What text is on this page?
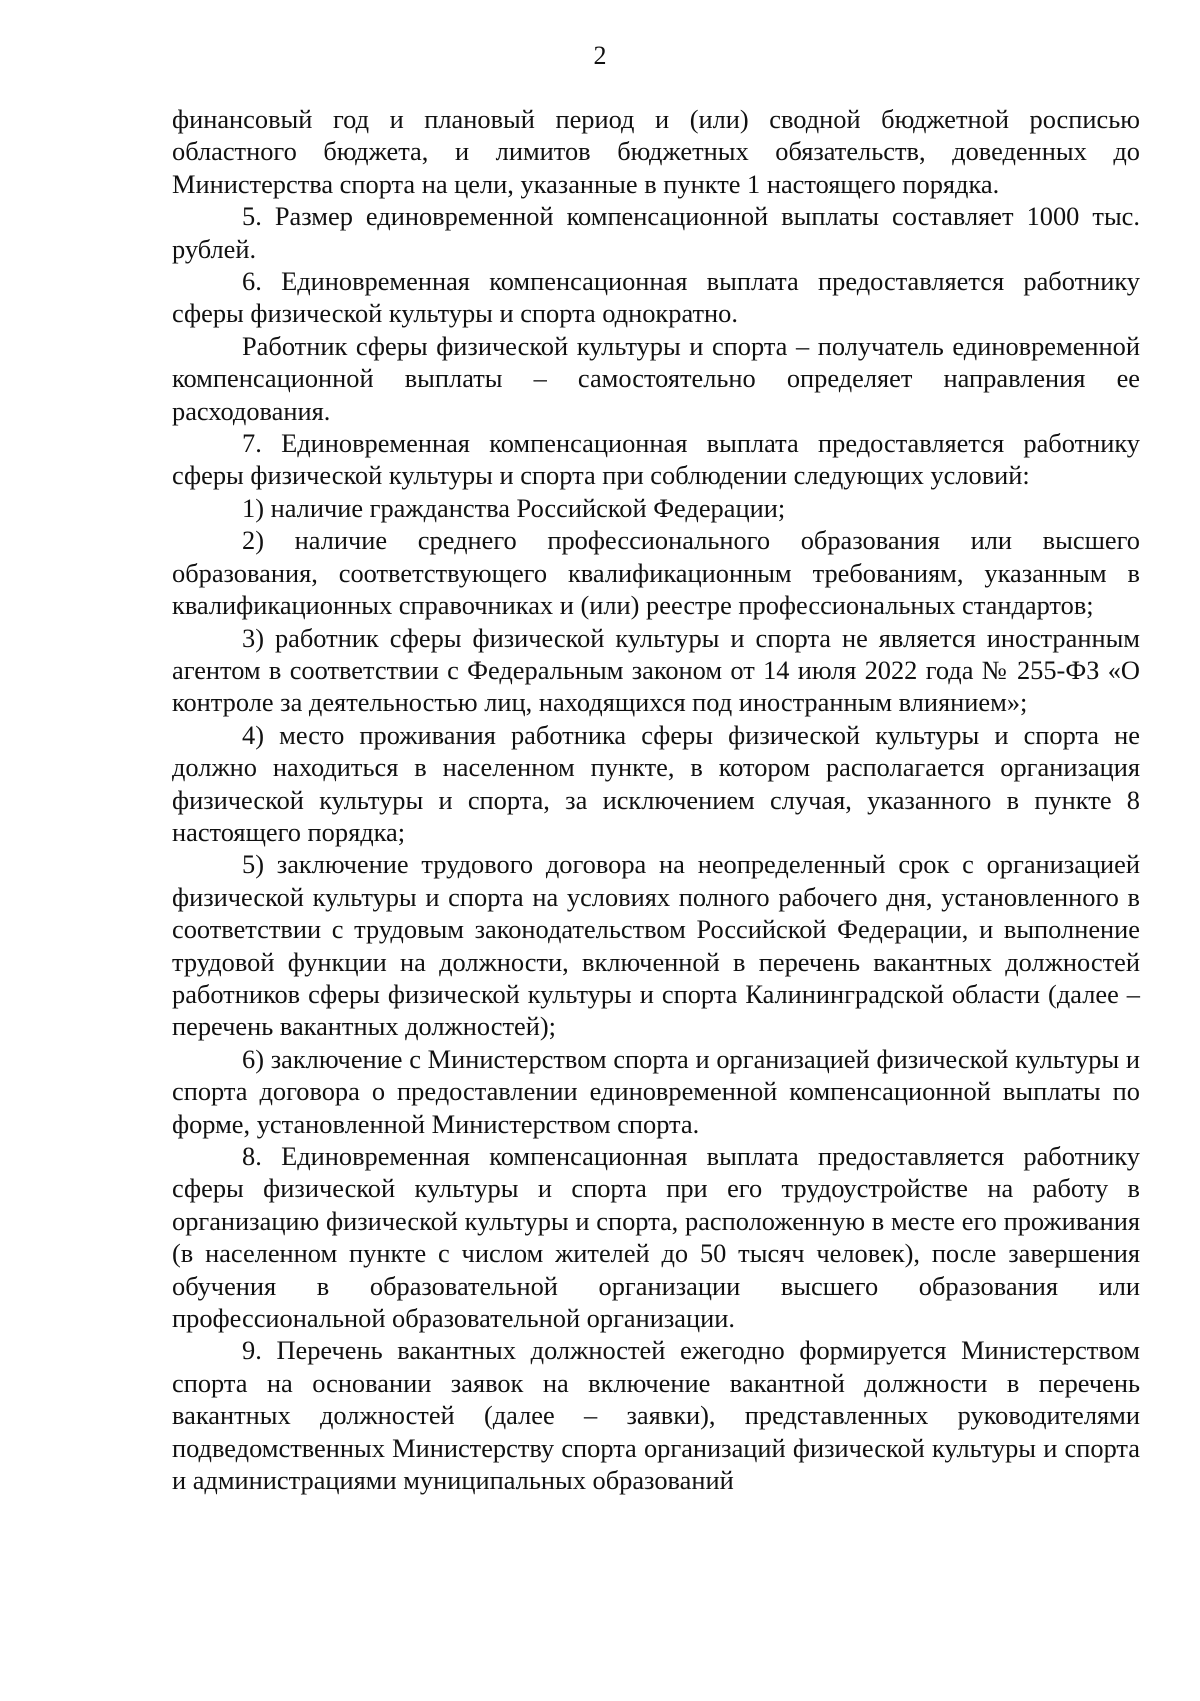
2

финансовый год и плановый период и (или) сводной бюджетной росписью областного бюджета, и лимитов бюджетных обязательств, доведенных до Министерства спорта на цели, указанные в пункте 1 настоящего порядка.

5. Размер единовременной компенсационной выплаты составляет 1000 тыс. рублей.

6. Единовременная компенсационная выплата предоставляется работнику сферы физической культуры и спорта однократно.

Работник сферы физической культуры и спорта – получатель единовременной компенсационной выплаты – самостоятельно определяет направления ее расходования.

7. Единовременная компенсационная выплата предоставляется работнику сферы физической культуры и спорта при соблюдении следующих условий:

1) наличие гражданства Российской Федерации;

2) наличие среднего профессионального образования или высшего образования, соответствующего квалификационным требованиям, указанным в квалификационных справочниках и (или) реестре профессиональных стандартов;

3) работник сферы физической культуры и спорта не является иностранным агентом в соответствии с Федеральным законом от 14 июля 2022 года № 255-ФЗ «О контроле за деятельностью лиц, находящихся под иностранным влиянием»;

4) место проживания работника сферы физической культуры и спорта не должно находиться в населенном пункте, в котором располагается организация физической культуры и спорта, за исключением случая, указанного в пункте 8 настоящего порядка;

5) заключение трудового договора на неопределенный срок с организацией физической культуры и спорта на условиях полного рабочего дня, установленного в соответствии с трудовым законодательством Российской Федерации, и выполнение трудовой функции на должности, включенной в перечень вакантных должностей работников сферы физической культуры и спорта Калининградской области (далее – перечень вакантных должностей);

6) заключение с Министерством спорта и организацией физической культуры и спорта договора о предоставлении единовременной компенсационной выплаты по форме, установленной Министерством спорта.

8. Единовременная компенсационная выплата предоставляется работнику сферы физической культуры и спорта при его трудоустройстве на работу в организацию физической культуры и спорта, расположенную в месте его проживания (в населенном пункте с числом жителей до 50 тысяч человек), после завершения обучения в образовательной организации высшего образования или профессиональной образовательной организации.

9. Перечень вакантных должностей ежегодно формируется Министерством спорта на основании заявок на включение вакантной должности в перечень вакантных должностей (далее – заявки), представленных руководителями подведомственных Министерству спорта организаций физической культуры и спорта и администрациями муниципальных образований
